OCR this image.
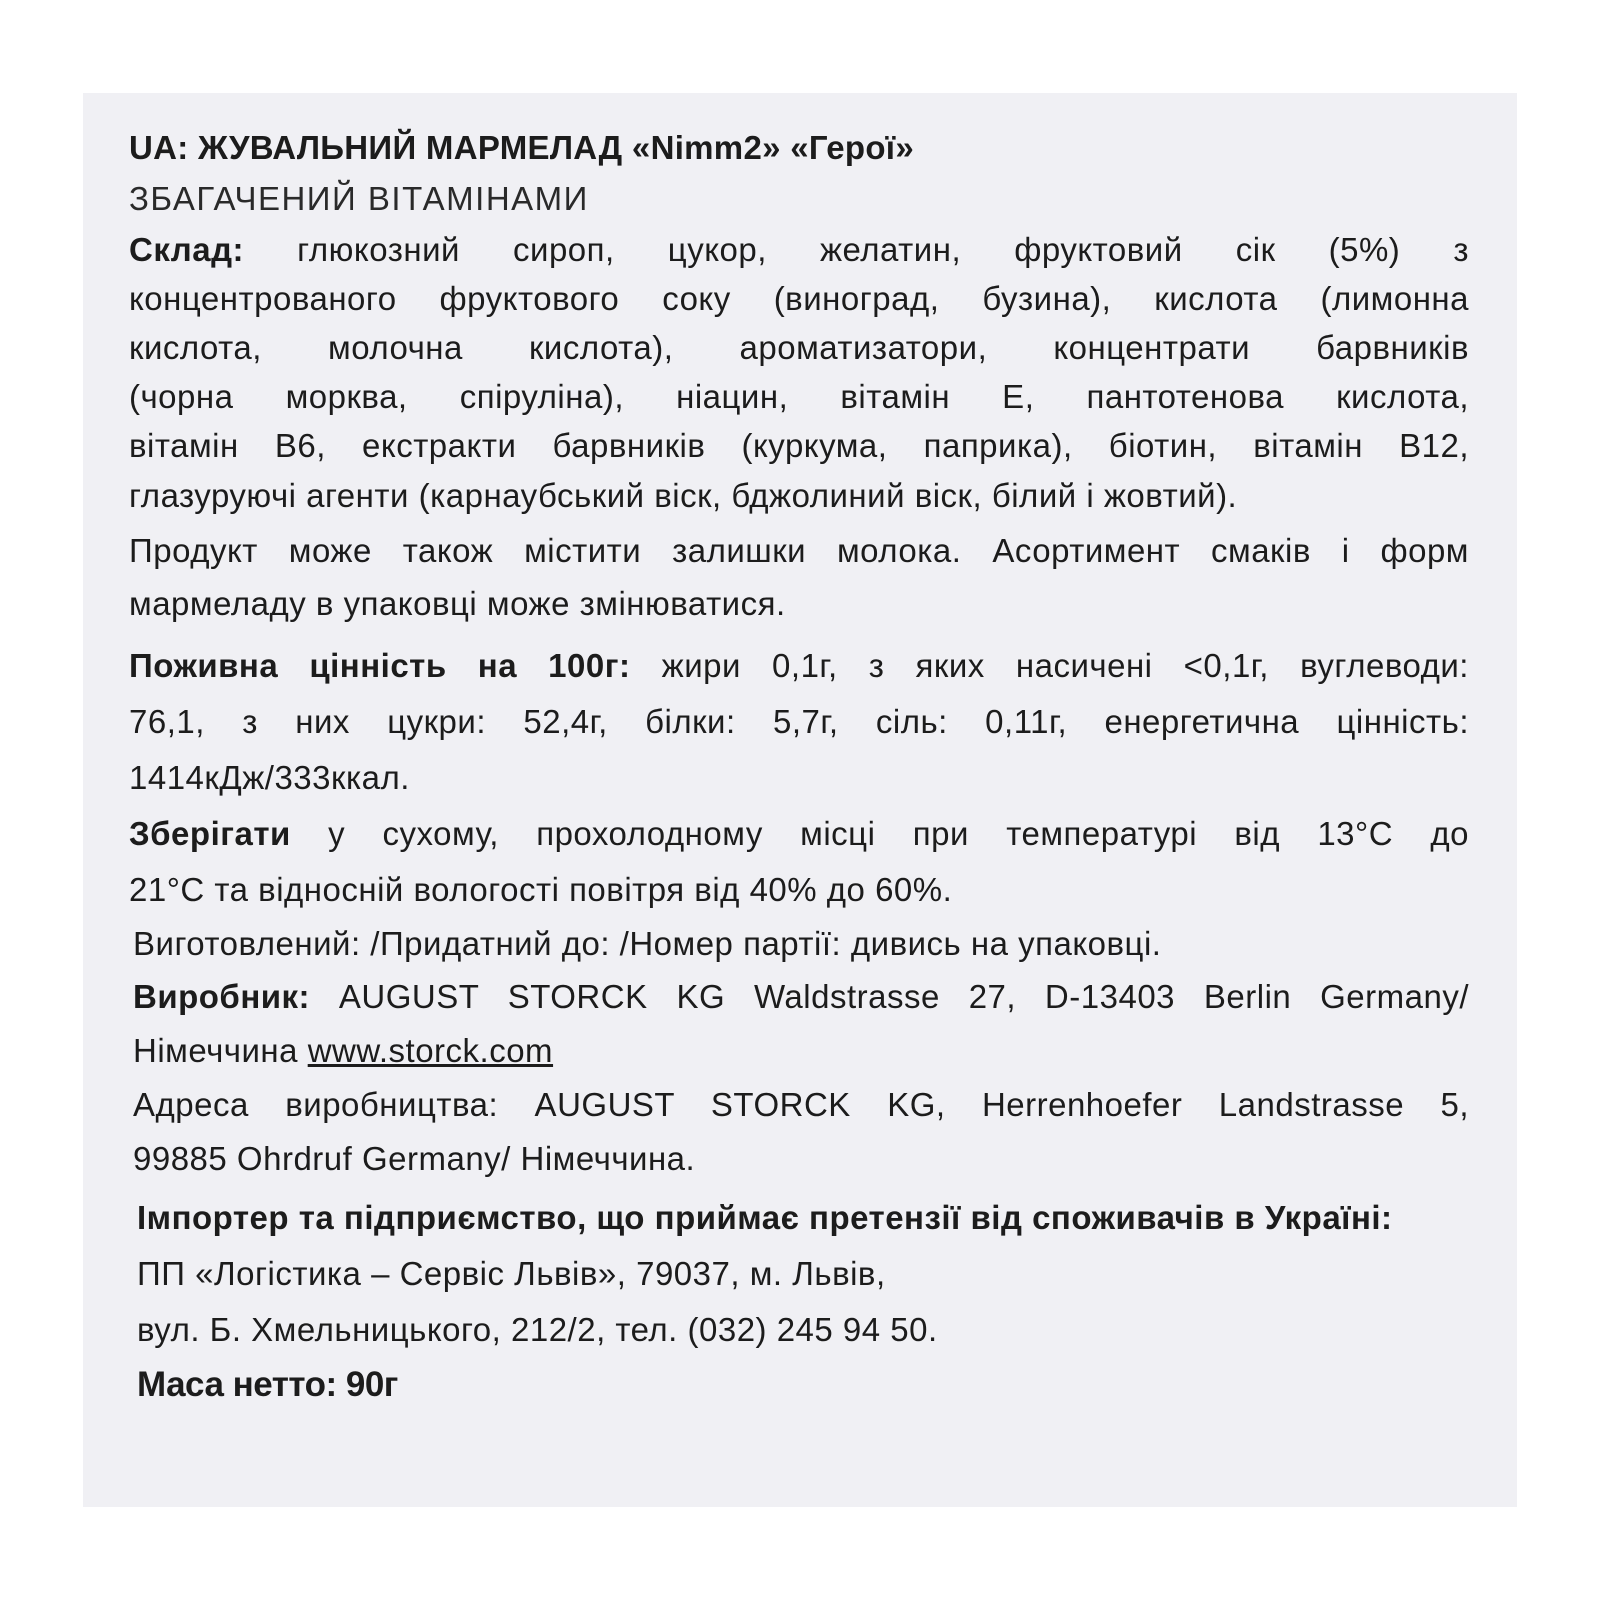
UA: ЖУВАЛЬНИЙ МАРМЕЛАД «Nimm2» «Герої»
ЗБАГАЧЕНИЙ ВІТАМІНАМИ
Склад: глюкозний сироп, цукор, желатин, фруктовий сік (5%) з
концентрованого фруктового соку (виноград, бузина), кислота (лимонна
кислота, молочна кислота), ароматизатори, концентрати барвників
(чорна морква, спіруліна), ніацин, вітамін Е, пантотенова кислота,
вітамін В6, екстракти барвників (куркума, паприка), біотин, вітамін В12,
глазуруючі агенти (карнаубський віск, бджолиний віск, білий і жовтий).
Продукт може також містити залишки молока. Асортимент смаків і форм
мармеладу в упаковці може змінюватися.
Поживна цінність на 100г: жири 0,1г, з яких насичені <0,1г, вуглеводи:
76,1, з них цукри: 52,4г, білки: 5,7г, сіль: 0,11г, енергетична цінність:
1414кДж/333ккал.
Зберігати у сухому, прохолодному місці при температурі від 13°С до
21°С та відносній вологості повітря від 40% до 60%.
Виготовлений: /Придатний до: /Номер партії: дивись на упаковці.
Виробник: AUGUST STORCK KG Waldstrasse 27, D-13403 Berlin Germany/
Німеччина www.storck.com
Адреса виробництва: AUGUST STORCK KG, Herrenhoefer Landstrasse 5,
99885 Ohrdruf Germany/ Німеччина.
Імпортер та підприємство, що приймає претензії від споживачів в Україні:
ПП «Логістика – Сервіс Львів», 79037, м. Львів,
вул. Б. Хмельницького, 212/2, тел. (032) 245 94 50.
Маса нетто: 90г
